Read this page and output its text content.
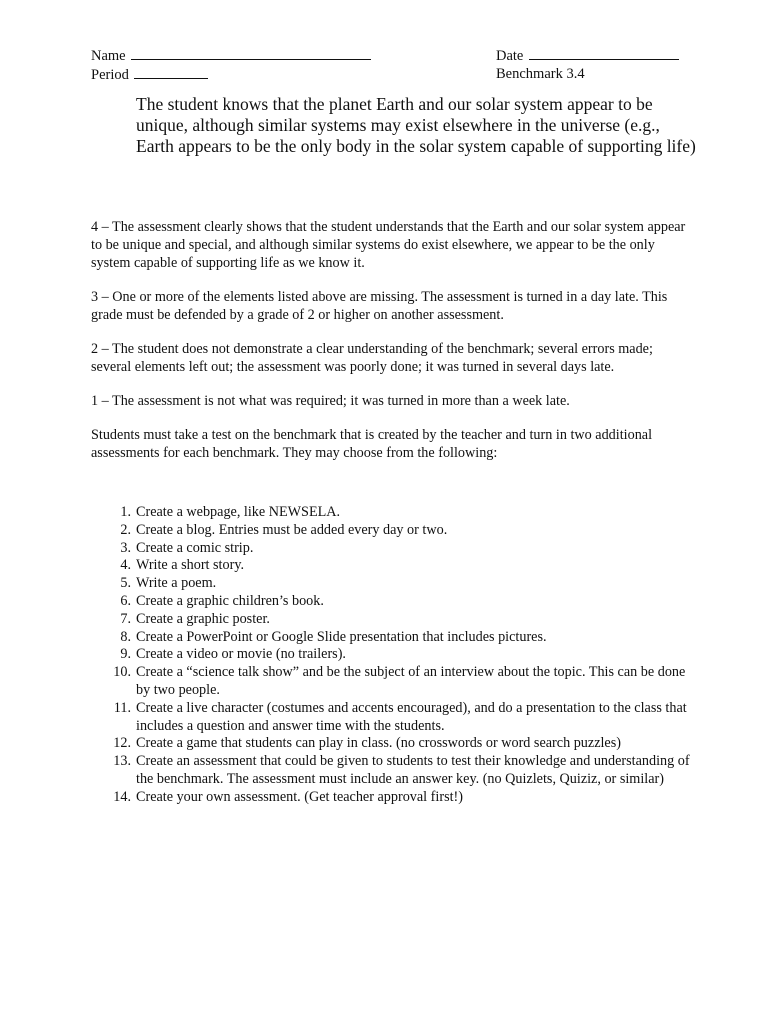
Name
Period
Date
Benchmark 3.4

The student knows that the planet Earth and our solar system appear to be unique, although similar systems may exist elsewhere in the universe (e.g., Earth appears to be the only body in the solar system capable of supporting life)

4 – The assessment clearly shows that the student understands that the Earth and our solar system appear to be unique and special, and although similar systems do exist elsewhere, we appear to be the only system capable of supporting life as we know it.

3 – One or more of the elements listed above are missing. The assessment is turned in a day late. This grade must be defended by a grade of 2 or higher on another assessment.

2 – The student does not demonstrate a clear understanding of the benchmark; several errors made; several elements left out; the assessment was poorly done; it was turned in several days late.

1 – The assessment is not what was required; it was turned in more than a week late.

Students must take a test on the benchmark that is created by the teacher and turn in two additional assessments for each benchmark. They may choose from the following:

1. Create a webpage, like NEWSELA.
2. Create a blog. Entries must be added every day or two.
3. Create a comic strip.
4. Write a short story.
5. Write a poem.
6. Create a graphic children’s book.
7. Create a graphic poster.
8. Create a PowerPoint or Google Slide presentation that includes pictures.
9. Create a video or movie (no trailers).
10. Create a “science talk show” and be the subject of an interview about the topic. This can be done by two people.
11. Create a live character (costumes and accents encouraged), and do a presentation to the class that includes a question and answer time with the students.
12. Create a game that students can play in class. (no crosswords or word search puzzles)
13. Create an assessment that could be given to students to test their knowledge and understanding of the benchmark. The assessment must include an answer key. (no Quizlets, Quiziz, or similar)
14. Create your own assessment. (Get teacher approval first!)
